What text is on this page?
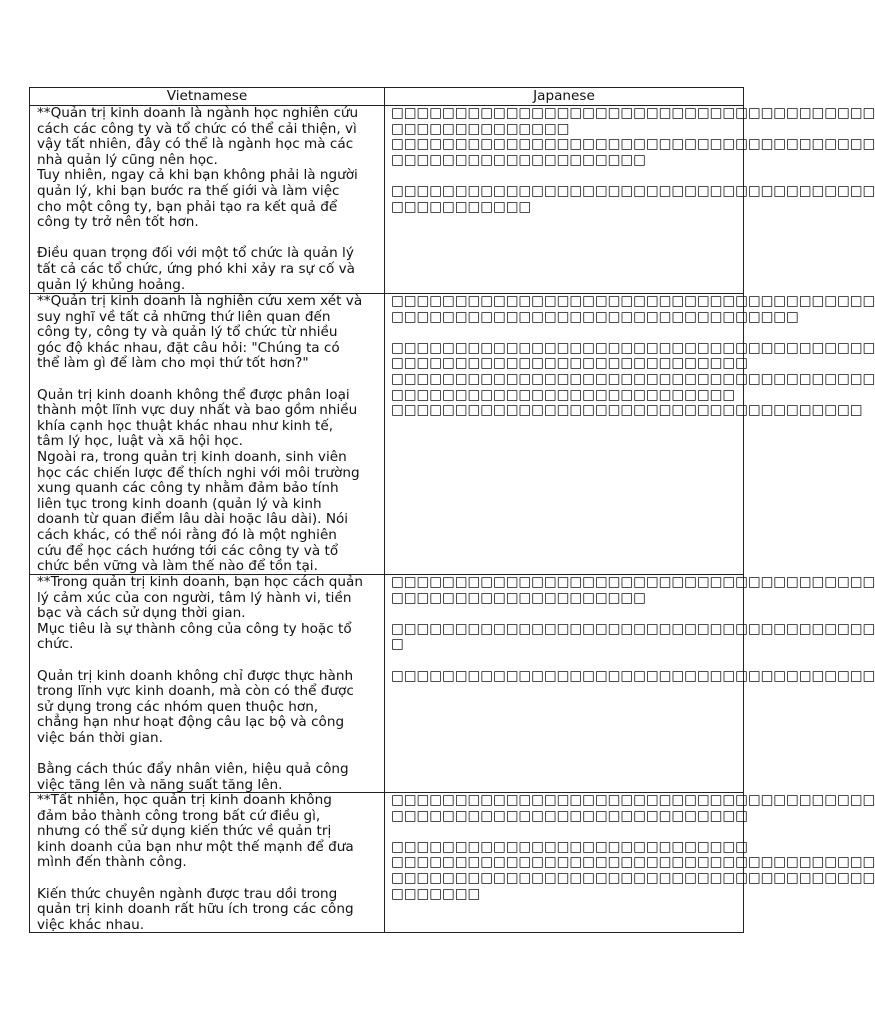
Vietnamese	Japanese
**Quản trị kinh doanh là ngành học nghiên cứu
cách các công ty và tổ chức có thể cải thiện, vì
vậy tất nhiên, đây có thể là ngành học mà các
nhà quản lý cũng nên học.
Tuy nhiên, ngay cả khi bạn không phải là người
quản lý, khi bạn bước ra thế giới và làm việc
cho một công ty, bạn phải tạo ra kết quả để
công ty trở nên tốt hơn.

Điều quan trọng đối với một tổ chức là quản lý
tất cả các tổ chức, ứng phó khi xảy ra sự cố và
quản lý khủng hoảng.
□□□□□□□□□□□□□□□□□□□□□□□□□□□□□□□□□□□□□□
□□□□□□□□□□□□□□
□□□□□□□□□□□□□□□□□□□□□□□□□□□□□□□□□□□□□□
□□□□□□□□□□□□□□□□□□□□

□□□□□□□□□□□□□□□□□□□□□□□□□□□□□□□□□□□□□□
□□□□□□□□□□□
**Quản trị kinh doanh là nghiên cứu xem xét và
suy nghĩ về tất cả những thứ liên quan đến
công ty, công ty và quản lý tổ chức từ nhiều
góc độ khác nhau, đặt câu hỏi: "Chúng ta có
thể làm gì để làm cho mọi thứ tốt hơn?"

Quản trị kinh doanh không thể được phân loại
thành một lĩnh vực duy nhất và bao gồm nhiều
khía cạnh học thuật khác nhau như kinh tế,
tâm lý học, luật và xã hội học.
Ngoài ra, trong quản trị kinh doanh, sinh viên
học các chiến lược để thích nghi với môi trường
xung quanh các công ty nhằm đảm bảo tính
liên tục trong kinh doanh (quản lý và kinh
doanh từ quan điểm lâu dài hoặc lâu dài). Nói
cách khác, có thể nói rằng đó là một nghiên
cứu để học cách hướng tới các công ty và tổ
chức bền vững và làm thế nào để tồn tại.
□□□□□□□□□□□□□□□□□□□□□□□□□□□□□□□□□□□□□□
□□□□□□□□□□□□□□□□□□□□□□□□□□□□□□□□

□□□□□□□□□□□□□□□□□□□□□□□□□□□□□□□□□□□□□□
□□□□□□□□□□□□□□□□□□□□□□□□□□□□
□□□□□□□□□□□□□□□□□□□□□□□□□□□□□□□□□□□□□□
□□□□□□□□□□□□□□□□□□□□□□□□□□□
□□□□□□□□□□□□□□□□□□□□□□□□□□□□□□□□□□□□□
**Trong quản trị kinh doanh, bạn học cách quản
lý cảm xúc của con người, tâm lý hành vi, tiền
bạc và cách sử dụng thời gian.
Mục tiêu là sự thành công của công ty hoặc tổ
chức.

Quản trị kinh doanh không chỉ được thực hành
trong lĩnh vực kinh doanh, mà còn có thể được
sử dụng trong các nhóm quen thuộc hơn,
chẳng hạn như hoạt động câu lạc bộ và công
việc bán thời gian.

Bằng cách thúc đẩy nhân viên, hiệu quả công
việc tăng lên và năng suất tăng lên.
□□□□□□□□□□□□□□□□□□□□□□□□□□□□□□□□□□□□□□
□□□□□□□□□□□□□□□□□□□□

□□□□□□□□□□□□□□□□□□□□□□□□□□□□□□□□□□□□□□
□

□□□□□□□□□□□□□□□□□□□□□□□□□□□□□□□□□□□□□□
**Tất nhiên, học quản trị kinh doanh không
đảm bảo thành công trong bất cứ điều gì,
nhưng có thể sử dụng kiến thức về quản trị
kinh doanh của bạn như một thế mạnh để đưa
mình đến thành công.

Kiến thức chuyên ngành được trau dồi trong
quản trị kinh doanh rất hữu ích trong các công
việc khác nhau.
□□□□□□□□□□□□□□□□□□□□□□□□□□□□□□□□□□□□□□
□□□□□□□□□□□□□□□□□□□□□□□□□□□□

□□□□□□□□□□□□□□□□□□□□□□□□□□□□
□□□□□□□□□□□□□□□□□□□□□□□□□□□□□□□□□□□□□□
□□□□□□□□□□□□□□□□□□□□□□□□□□□□□□□□□□□□□□
□□□□□□□
